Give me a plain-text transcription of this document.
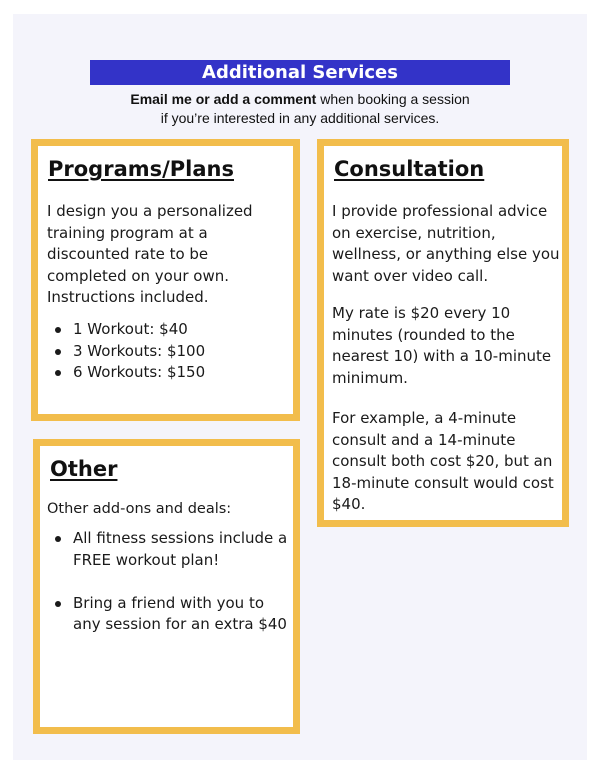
Additional Services
Email me or add a comment when booking a session
if you’re interested in any additional services.
Programs/Plans

I design you a personalized training program at a discounted rate to be completed on your own. Instructions included.

1 Workout: $40
3 Workouts: $100
6 Workouts: $150
Consultation

I provide professional advice on exercise, nutrition, wellness, or anything else you want over video call.

My rate is $20 every 10 minutes (rounded to the nearest 10) with a 10-minute minimum.

For example, a 4-minute consult and a 14-minute consult both cost $20, but an 18-minute consult would cost $40.

Other

Other add-ons and deals:

All fitness sessions include a FREE workout plan!
Bring a friend with you to any session for an extra $40
